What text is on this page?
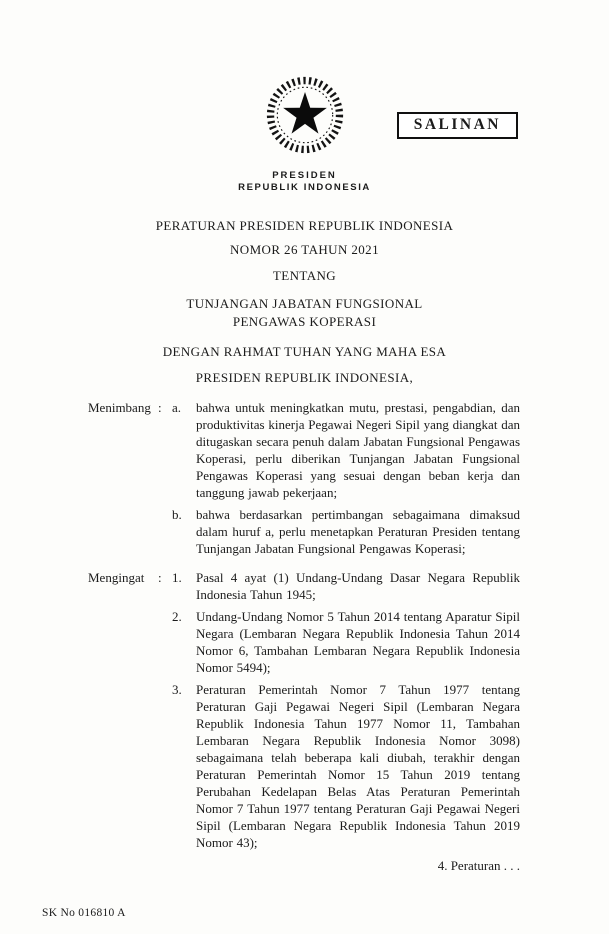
SALINAN
PRESIDEN
REPUBLIK INDONESIA
PERATURAN PRESIDEN REPUBLIK INDONESIA
NOMOR 26 TAHUN 2021
TENTANG
TUNJANGAN JABATAN FUNGSIONAL
PENGAWAS KOPERASI
DENGAN RAHMAT TUHAN YANG MAHA ESA
PRESIDEN REPUBLIK INDONESIA,
Menimbang : a.	bahwa untuk meningkatkan mutu, prestasi, pengabdian, dan produktivitas kinerja Pegawai Negeri Sipil yang diangkat dan ditugaskan secara penuh dalam Jabatan Fungsional Pengawas Koperasi, perlu diberikan Tunjangan Jabatan Fungsional Pengawas Koperasi yang sesuai dengan beban kerja dan tanggung jawab pekerjaan;
b.	bahwa berdasarkan pertimbangan sebagaimana dimaksud dalam huruf a, perlu menetapkan Peraturan Presiden tentang Tunjangan Jabatan Fungsional Pengawas Koperasi;
Mengingat	: 1.	Pasal 4 ayat (1) Undang-Undang Dasar Negara Republik Indonesia Tahun 1945;
2.	Undang-Undang Nomor 5 Tahun 2014 tentang Aparatur Sipil Negara (Lembaran Negara Republik Indonesia Tahun 2014 Nomor 6, Tambahan Lembaran Negara Republik Indonesia Nomor 5494);
3.	Peraturan Pemerintah Nomor 7 Tahun 1977 tentang Peraturan Gaji Pegawai Negeri Sipil (Lembaran Negara Republik Indonesia Tahun 1977 Nomor 11, Tambahan Lembaran Negara Republik Indonesia Nomor 3098) sebagaimana telah beberapa kali diubah, terakhir dengan Peraturan Pemerintah Nomor 15 Tahun 2019 tentang Perubahan Kedelapan Belas Atas Peraturan Pemerintah Nomor 7 Tahun 1977 tentang Peraturan Gaji Pegawai Negeri Sipil (Lembaran Negara Republik Indonesia Tahun 2019 Nomor 43);
4. Peraturan . . .
SK No 016810 A
